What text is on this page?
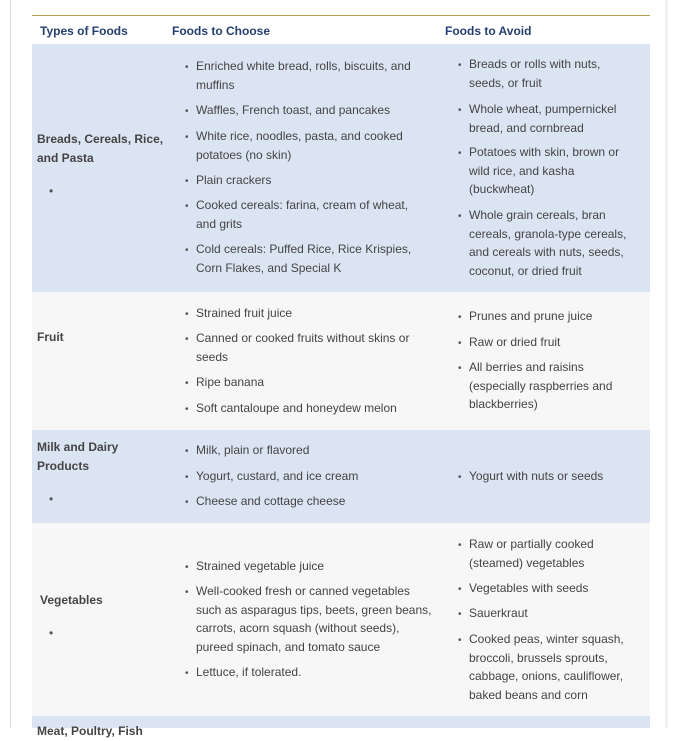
Types of Foods	Foods to Choose	Foods to Avoid
Breads, Cereals, Rice, and Pasta
•
• Enriched white bread, rolls, biscuits, and muffins
• Waffles, French toast, and pancakes
• White rice, noodles, pasta, and cooked potatoes (no skin)
• Plain crackers
• Cooked cereals: farina, cream of wheat, and grits
• Cold cereals: Puffed Rice, Rice Krispies, Corn Flakes, and Special K
• Breads or rolls with nuts, seeds, or fruit
• Whole wheat, pumpernickel bread, and cornbread
• Potatoes with skin, brown or wild rice, and kasha (buckwheat)
• Whole grain cereals, bran cereals, granola-type cereals, and cereals with nuts, seeds, coconut, or dried fruit
Fruit
• Strained fruit juice
• Canned or cooked fruits without skins or seeds
• Ripe banana
• Soft cantaloupe and honeydew melon
• Prunes and prune juice
• Raw or dried fruit
• All berries and raisins (especially raspberries and blackberries)
Milk and Dairy Products
•
• Milk, plain or flavored
• Yogurt, custard, and ice cream
• Cheese and cottage cheese
• Yogurt with nuts or seeds
Vegetables
•
• Strained vegetable juice
• Well-cooked fresh or canned vegetables such as asparagus tips, beets, green beans, carrots, acorn squash (without seeds), pureed spinach, and tomato sauce
• Lettuce, if tolerated.
• Raw or partially cooked (steamed) vegetables
• Vegetables with seeds
• Sauerkraut
• Cooked peas, winter squash, broccoli, brussels sprouts, cabbage, onions, cauliflower, baked beans and corn
Meat, Poultry, Fish
